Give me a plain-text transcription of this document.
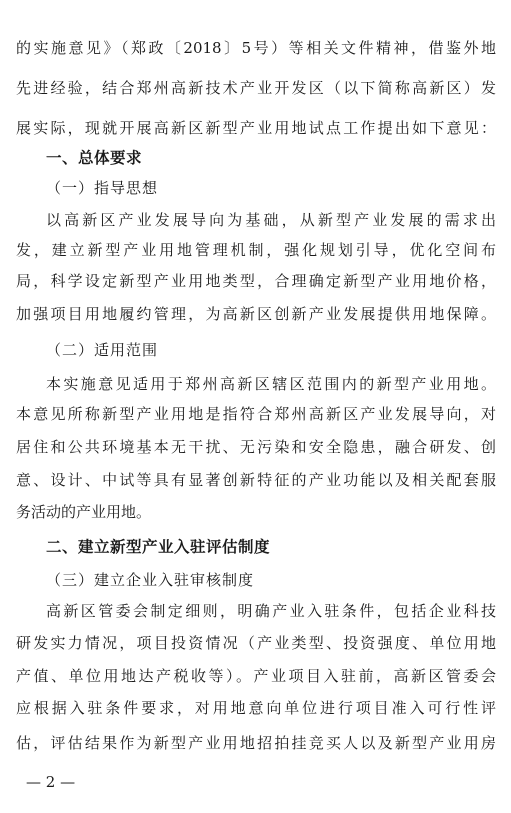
的实施意见》（郑政〔2018〕5号）等相关文件精神，借鉴外地
先进经验，结合郑州高新技术产业开发区（以下简称高新区）发
展实际，现就开展高新区新型产业用地试点工作提出如下意见：
一、总体要求
（一）指导思想
以高新区产业发展导向为基础，从新型产业发展的需求出
发，建立新型产业用地管理机制，强化规划引导，优化空间布
局，科学设定新型产业用地类型，合理确定新型产业用地价格，
加强项目用地履约管理，为高新区创新产业发展提供用地保障。
（二）适用范围
本实施意见适用于郑州高新区辖区范围内的新型产业用地。
本意见所称新型产业用地是指符合郑州高新区产业发展导向，对
居住和公共环境基本无干扰、无污染和安全隐患，融合研发、创
意、设计、中试等具有显著创新特征的产业功能以及相关配套服
务活动的产业用地。
二、建立新型产业入驻评估制度
（三）建立企业入驻审核制度
高新区管委会制定细则，明确产业入驻条件，包括企业科技
研发实力情况，项目投资情况（产业类型、投资强度、单位用地
产值、单位用地达产税收等）。产业项目入驻前，高新区管委会
应根据入驻条件要求，对用地意向单位进行项目准入可行性评
估，评估结果作为新型产业用地招拍挂竞买人以及新型产业用房
— 2 —
